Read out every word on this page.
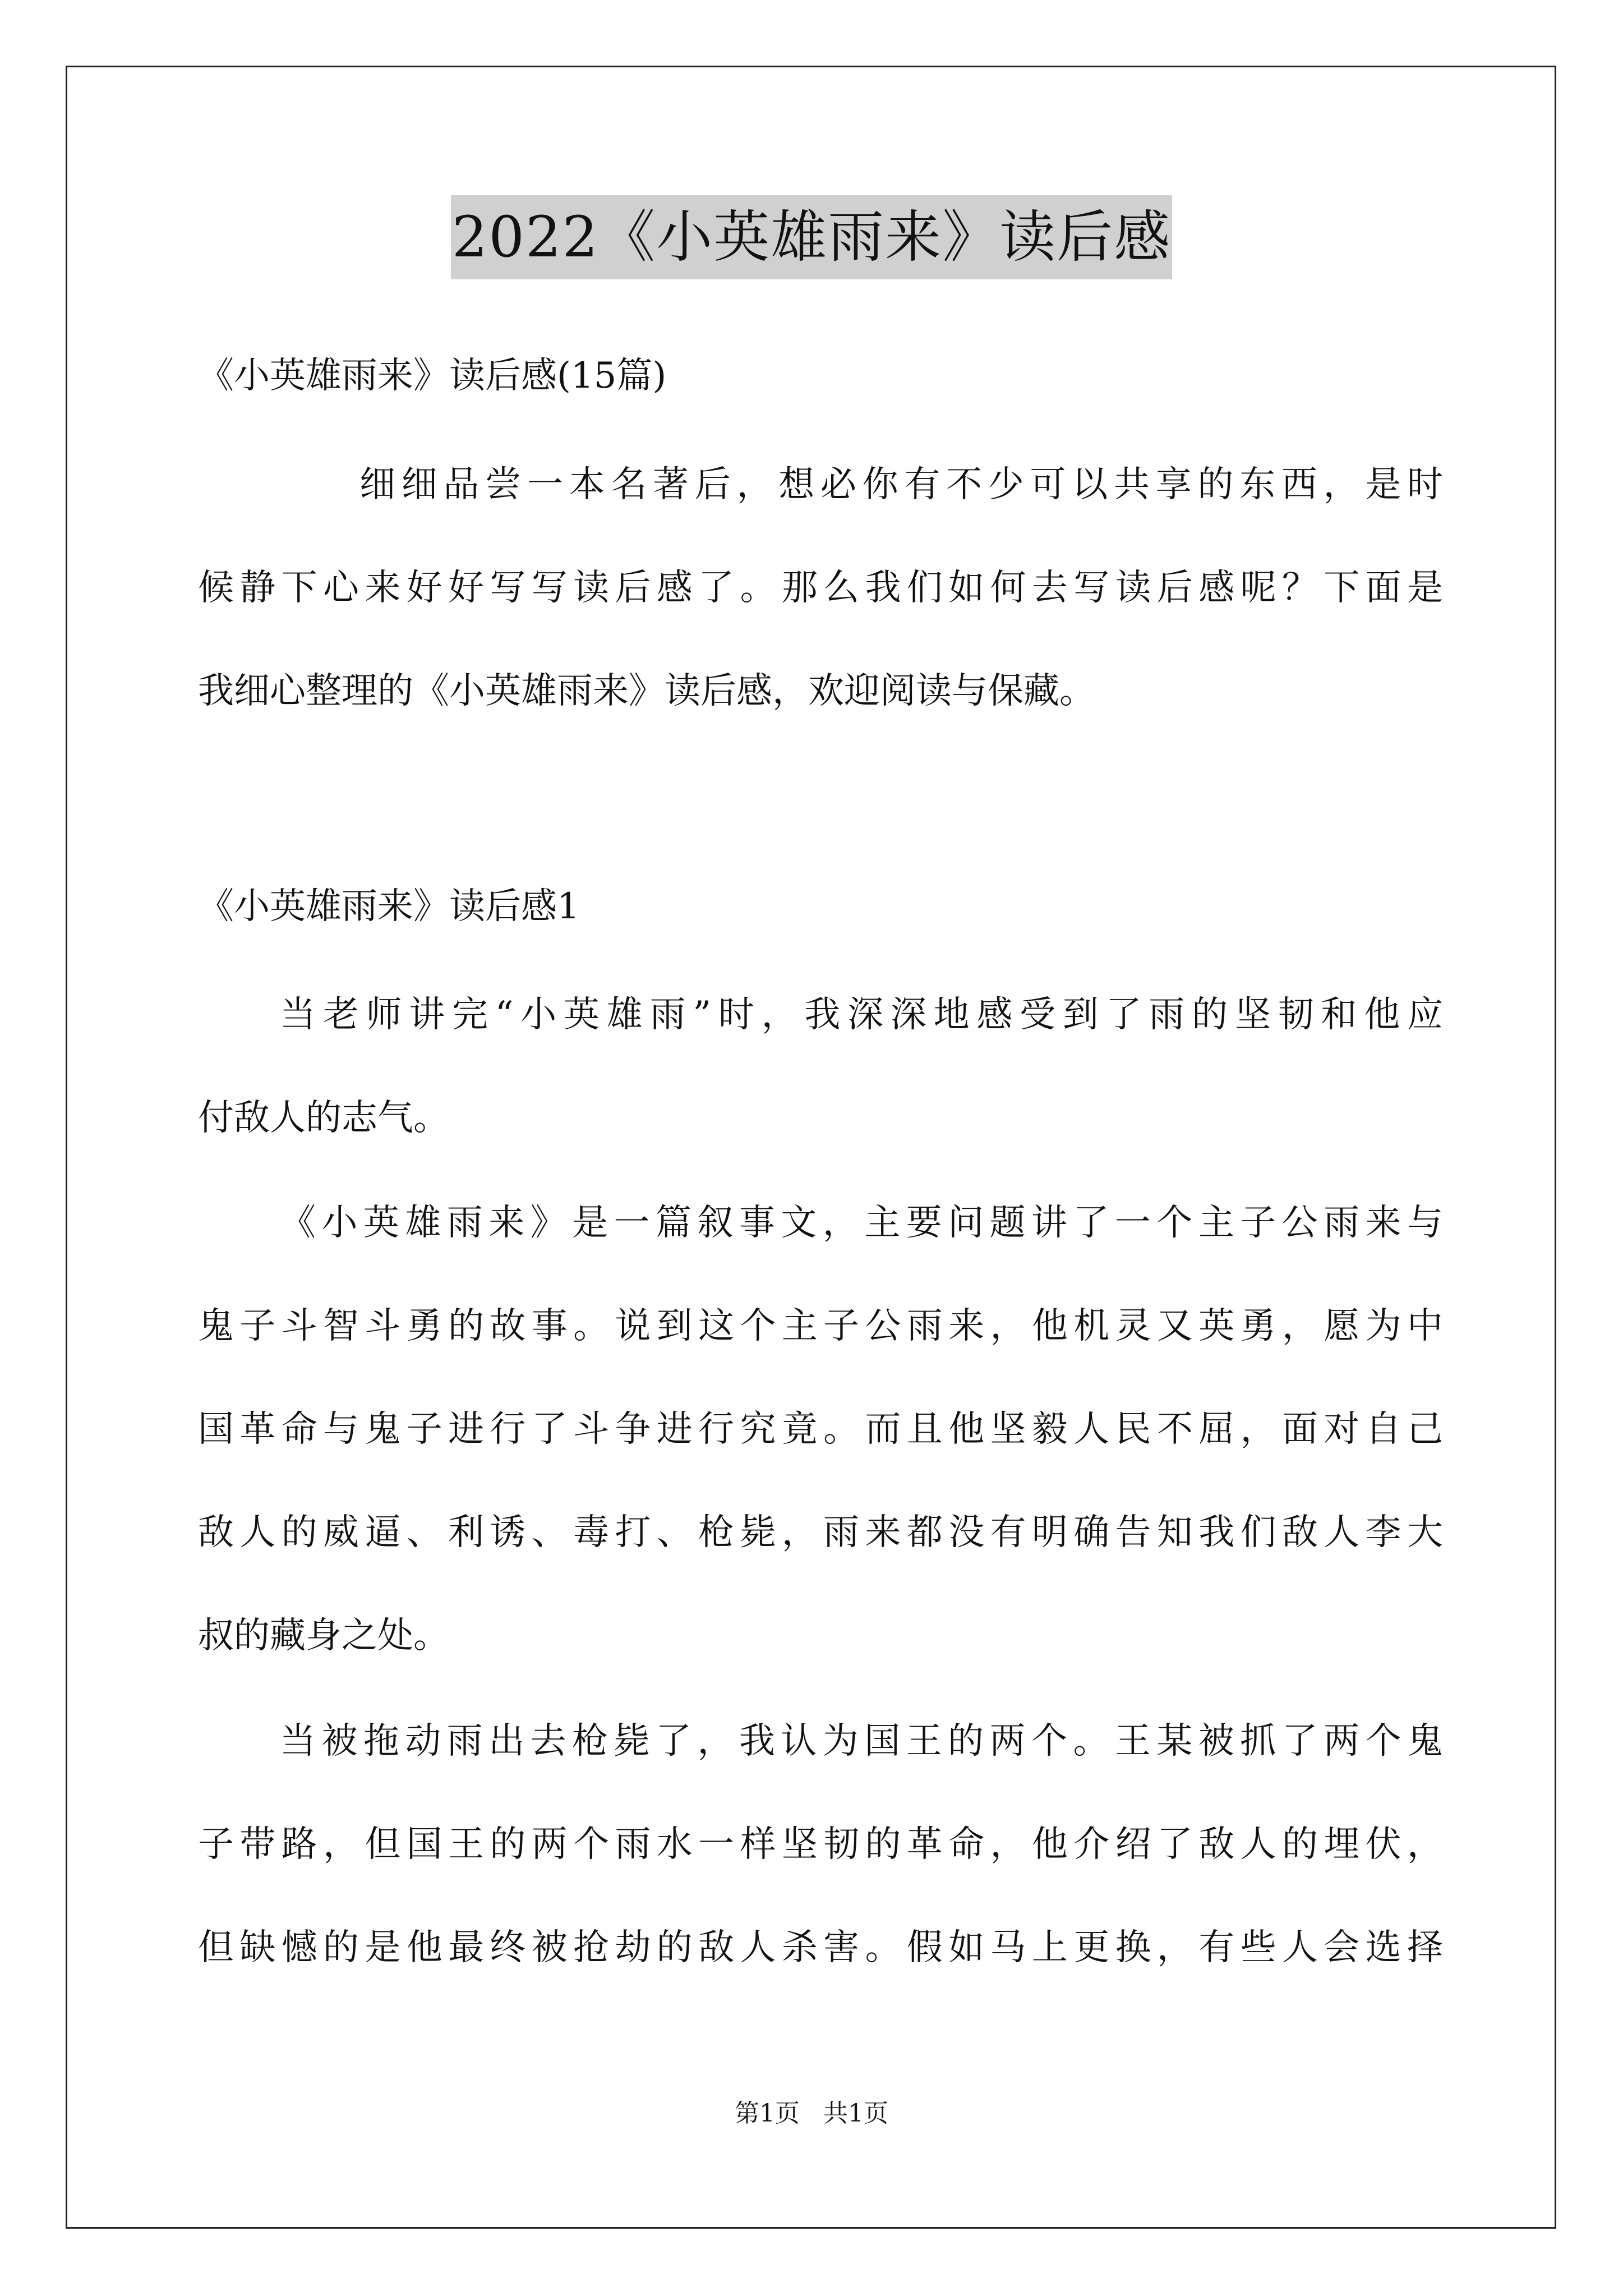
2022《小英雄雨来》读后感
《小英雄雨来》读后感(15篇)
细细品尝一本名著后，想必你有不少可以共享的东西，是时
候静下心来好好写写读后感了。那么我们如何去写读后感呢？下面是
我细心整理的《小英雄雨来》读后感，欢迎阅读与保藏。
《小英雄雨来》读后感1
当老师讲完“小英雄雨”时，我深深地感受到了雨的坚韧和他应
付敌人的志气。
《小英雄雨来》是一篇叙事文，主要问题讲了一个主子公雨来与
鬼子斗智斗勇的故事。说到这个主子公雨来，他机灵又英勇，愿为中
国革命与鬼子进行了斗争进行究竟。而且他坚毅人民不屈，面对自己
敌人的威逼、利诱、毒打、枪毙，雨来都没有明确告知我们敌人李大
叔的藏身之处。
当被拖动雨出去枪毙了，我认为国王的两个。王某被抓了两个鬼
子带路，但国王的两个雨水一样坚韧的革命，他介绍了敌人的埋伏，
但缺憾的是他最终被抢劫的敌人杀害。假如马上更换，有些人会选择
第1页 共1页
